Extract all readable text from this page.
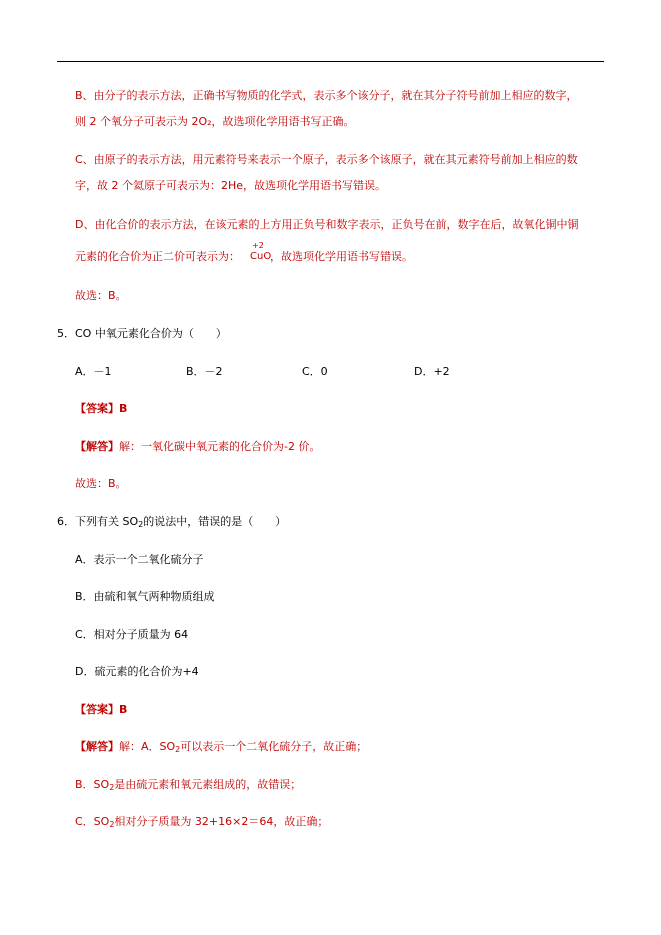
B、由分子的表示方法，正确书写物质的化学式，表示多个该分子，就在其分子符号前加上相应的数字，
则 2 个氧分子可表示为 2O₂，故选项化学用语书写正确。
C、由原子的表示方法，用元素符号来表示一个原子，表示多个该原子，就在其元素符号前加上相应的数
字，故 2 个氦原子可表示为：2He，故选项化学用语书写错误。
D、由化合价的表示方法，在该元素的上方用正负号和数字表示，正负号在前，数字在后，故氧化铜中铜
元素的化合价为正二价可表示为：	，故选项化学用语书写错误。
+2
CuO
故选：B。
5．CO 中氧元素化合价为（　　）
A．－1	B．－2	C．0	D．+2
【答案】B
【解答】解：一氧化碳中氧元素的化合价为-2 价。
故选：B。
6．下列有关 $SO_2$的说法中，错误的是（　　）
A．表示一个二氧化硫分子
B．由硫和氧气两种物质组成
C．相对分子质量为 64
D．硫元素的化合价为+4
【答案】B
【解答】解：A．$SO_2$可以表示一个二氧化硫分子，故正确；
B．$SO_2$是由硫元素和氧元素组成的，故错误；
C．$SO_2$相对分子质量为 32+16×2＝64，故正确；
